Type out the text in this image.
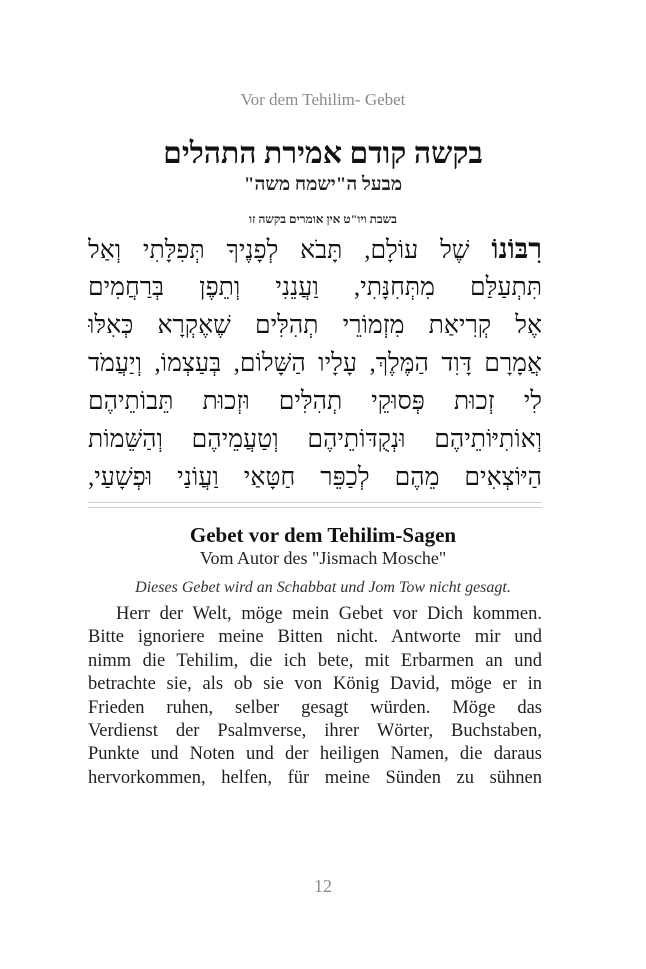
Vor dem Tehilim- Gebet
בקשה קודם אמירת התהלים
מבעל ה"ישמח משה"
בשבת ויו"ט אין אומרים בקשה זו
רִבּוֹנוֹ שֶׁל עוֹלָם, תָּבֹא לְפָנֶיךָ תְּפִלָּתִי וְאַל
תִּתְעַלַּם מִתְּחִנָּתִי, וַעֲנֵנִי וְתֵפֶן בְּרַחֲמִים
אֶל קְרִיאַת מִזְמוֹרֵי תְהִלִּים שֶׁאֶקְרָא כְּאִלּוּ
אֲמָרָם דָּוִד הַמֶּלֶךְ, עָלָיו הַשָּׁלוֹם, בְּעַצְמוֹ, וְיַעֲמֹד
לִי זְכוּת פְּסוּקֵי תְהִלִּים וּזְכוּת תֵּבוֹתֵיהֶם
וְאוֹתִיּוֹתֵיהֶם וּנְקֻדּוֹתֵיהֶם וְטַעֲמֵיהֶם וְהַשֵּׁמוֹת
הַיּוֹצְאִים מֵהֶם לְכַפֵּר חַטָּאַי וַעֲוֹנַי וּפְשָׁעַי,
Gebet vor dem Tehilim-Sagen
Vom Autor des "Jismach Mosche"
Dieses Gebet wird an Schabbat und Jom Tow nicht gesagt.
Herr der Welt, möge mein Gebet vor Dich kommen.
Bitte ignoriere meine Bitten nicht. Antworte mir und
nimm die Tehilim, die ich bete, mit Erbarmen an und
betrachte sie, als ob sie von König David, möge er in
Frieden ruhen, selber gesagt würden. Möge das
Verdienst der Psalmverse, ihrer Wörter, Buchstaben,
Punkte und Noten und der heiligen Namen, die daraus
hervorkommen, helfen, für meine Sünden zu sühnen
12
